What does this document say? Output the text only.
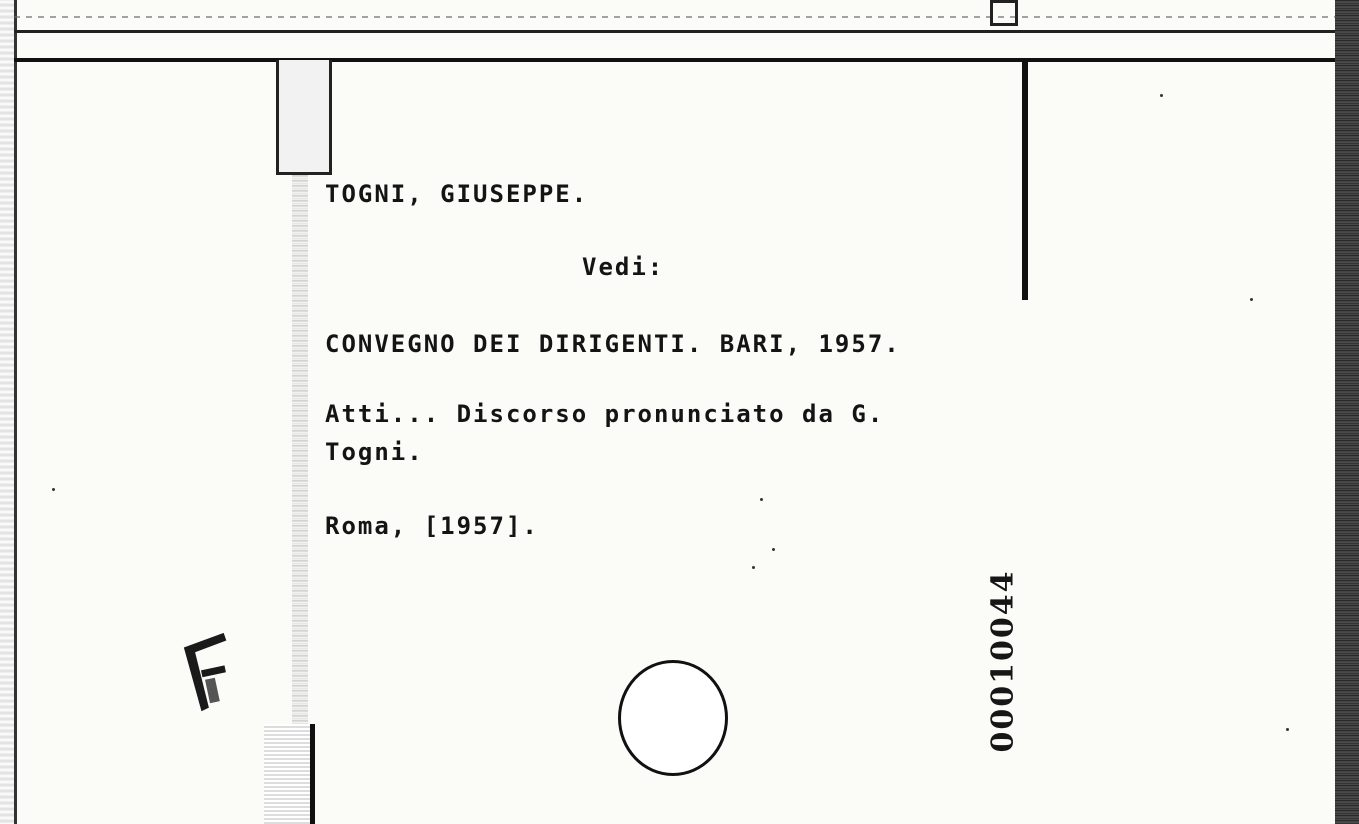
TOGNI, GIUSEPPE.
Vedi:
CONVEGNO DEI DIRIGENTI. BARI, 1957.
Atti... Discorso pronunciato da G.
Togni.
Roma, [1957].
00010044
